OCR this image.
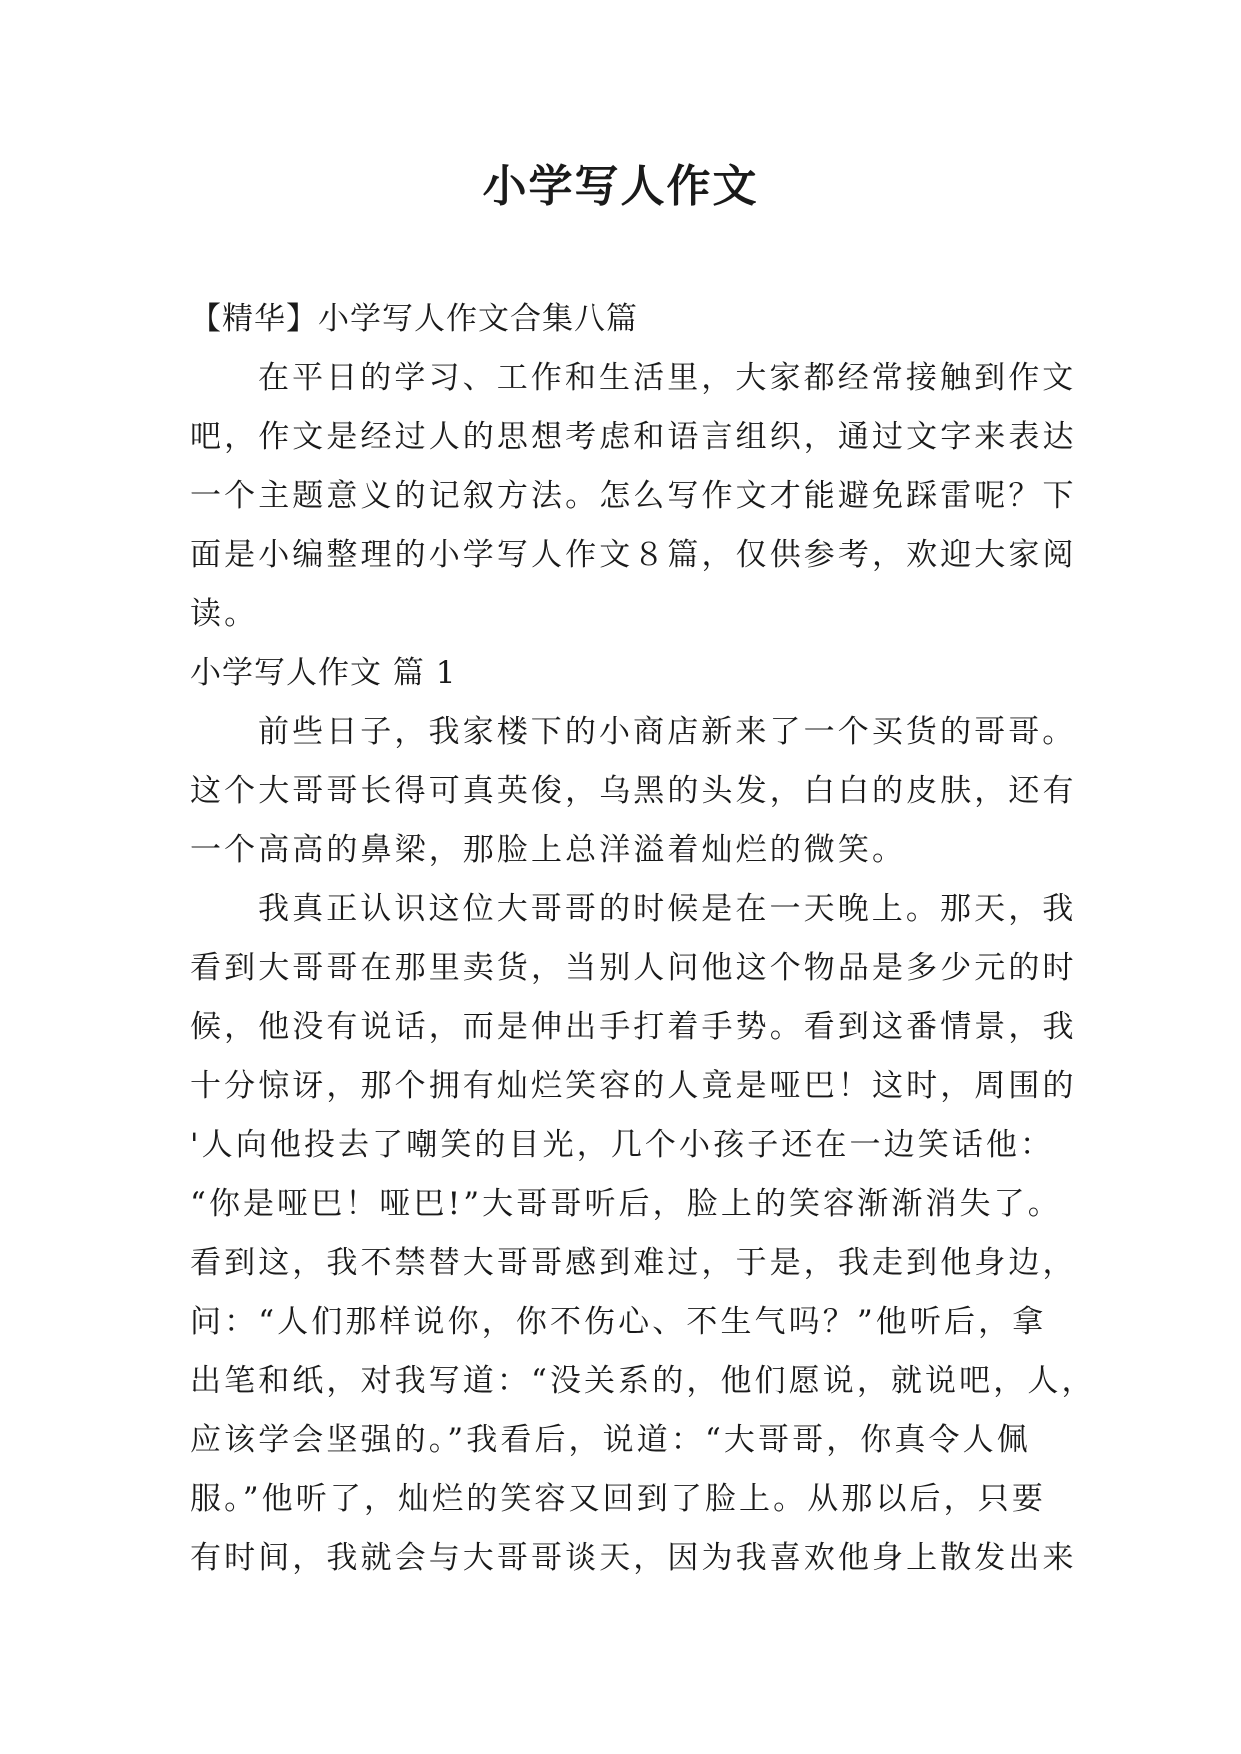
小学写人作文
【精华】小学写人作文合集八篇
在平日的学习、工作和生活里，大家都经常接触到作文
吧，作文是经过人的思想考虑和语言组织，通过文字来表达
一个主题意义的记叙方法。怎么写作文才能避免踩雷呢？下
面是小编整理的小学写人作文８篇，仅供参考，欢迎大家阅
读。
小学写人作文 篇 1
前些日子，我家楼下的小商店新来了一个买货的哥哥。
这个大哥哥长得可真英俊，乌黑的头发，白白的皮肤，还有
一个高高的鼻梁，那脸上总洋溢着灿烂的微笑。
我真正认识这位大哥哥的时候是在一天晚上。那天，我
看到大哥哥在那里卖货，当别人问他这个物品是多少元的时
候，他没有说话，而是伸出手打着手势。看到这番情景，我
十分惊讶，那个拥有灿烂笑容的人竟是哑巴！这时，周围的
'人向他投去了嘲笑的目光，几个小孩子还在一边笑话他：
“你是哑巴！哑巴!”大哥哥听后，脸上的笑容渐渐消失了。
看到这，我不禁替大哥哥感到难过，于是，我走到他身边，
问：“人们那样说你，你不伤心、不生气吗？”他听后，拿
出笔和纸，对我写道：“没关系的，他们愿说，就说吧，人，
应该学会坚强的。”我看后，说道：“大哥哥，你真令人佩
服。”他听了，灿烂的笑容又回到了脸上。从那以后，只要
有时间，我就会与大哥哥谈天，因为我喜欢他身上散发出来
